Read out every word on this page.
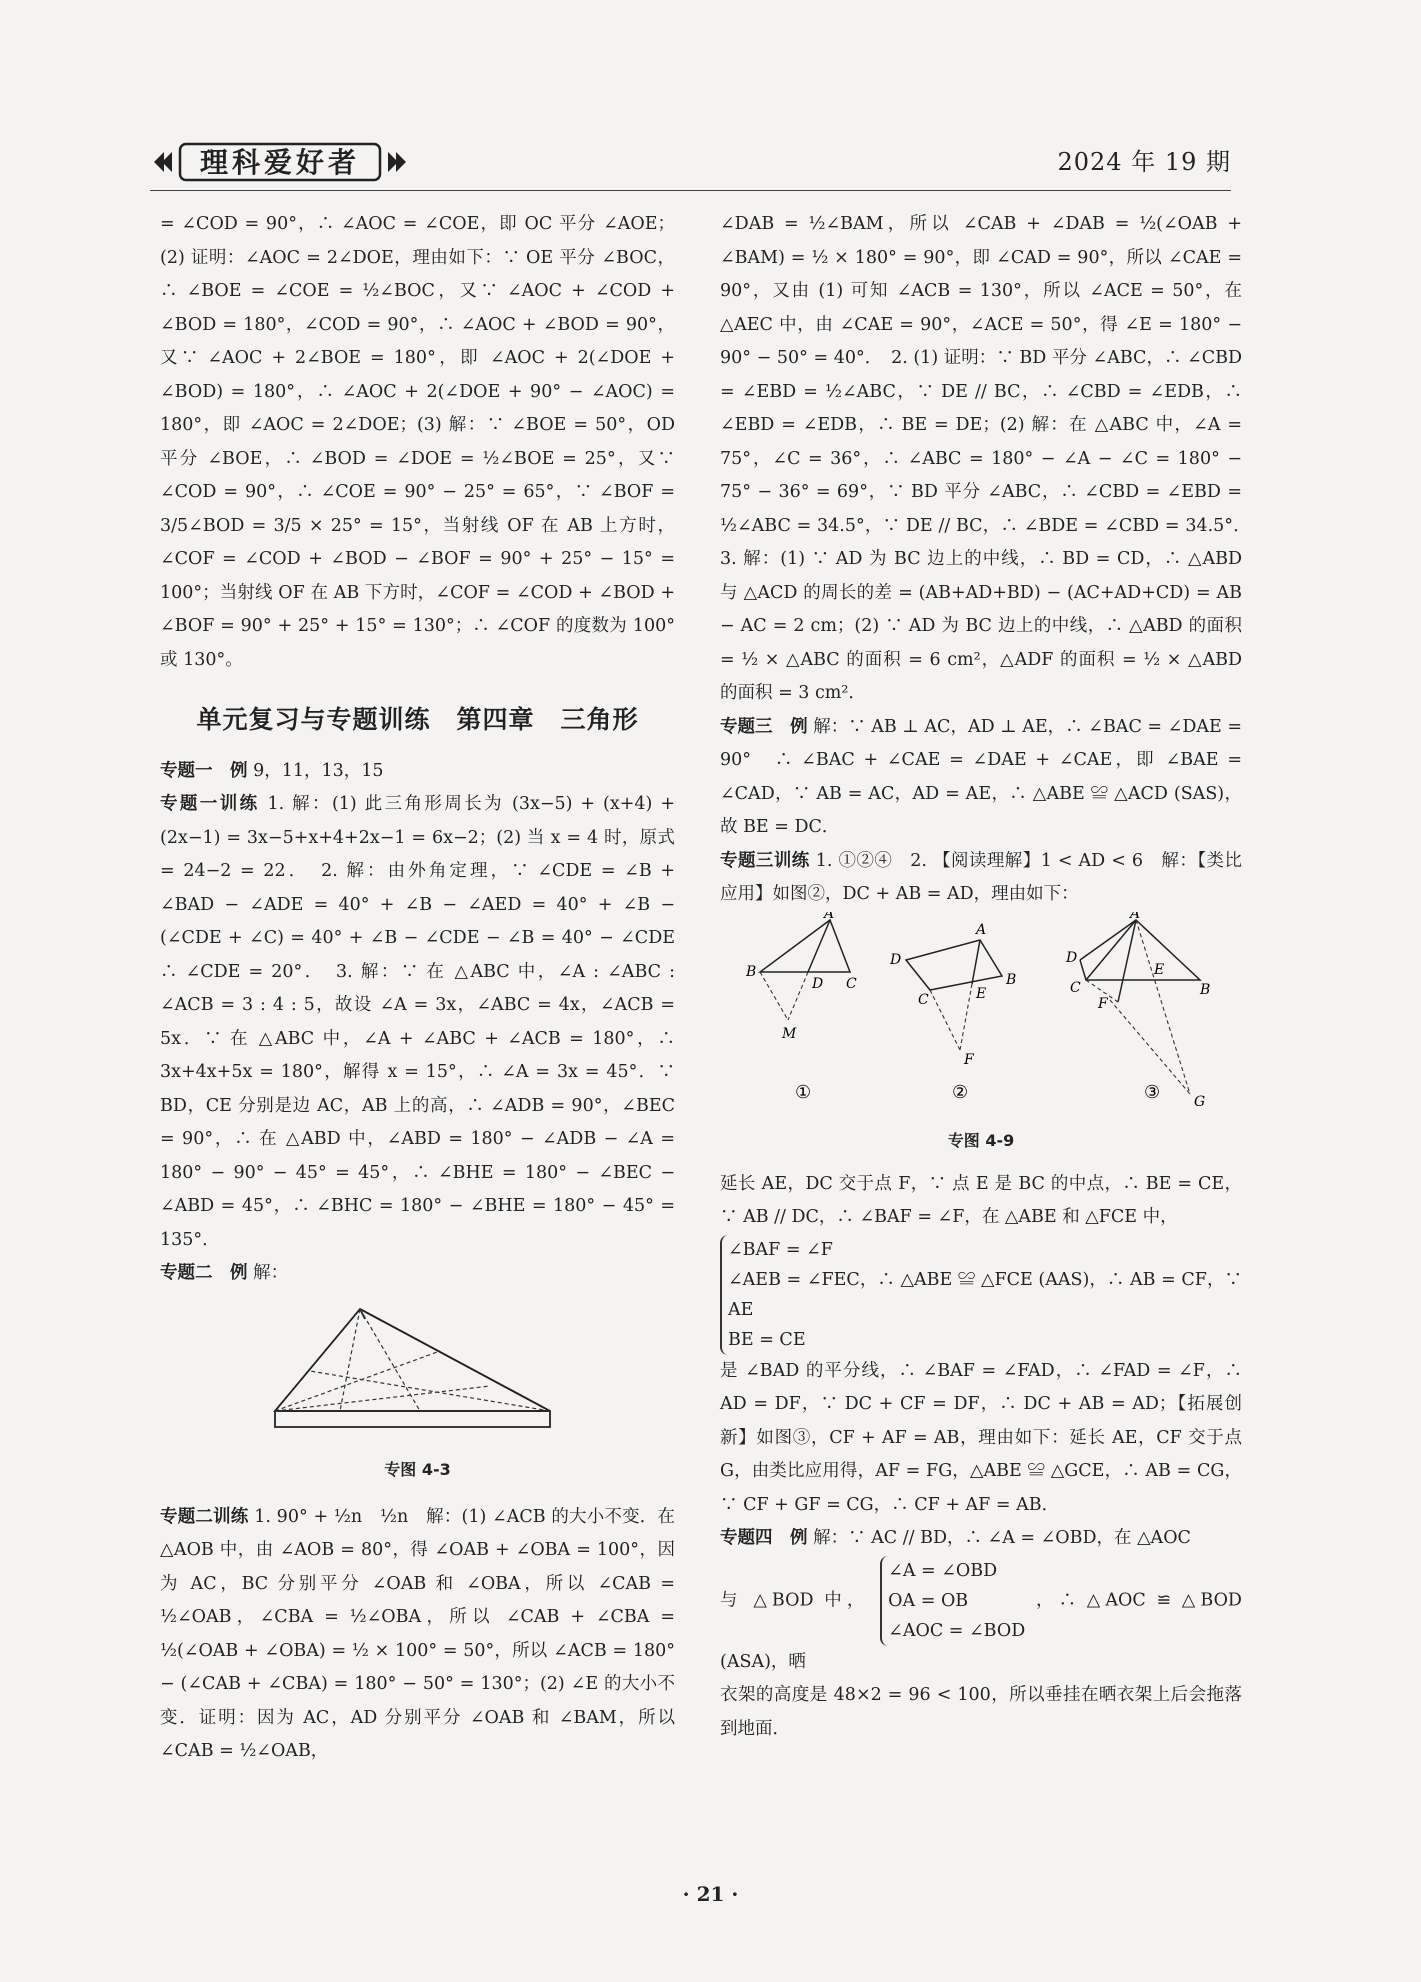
理科爱好者	2024 年 19 期

= ∠COD = 90°，∴ ∠AOC = ∠COE，即 OC 平分 ∠AOE；(2) 证明：∠AOC = 2∠DOE，理由如下：∵ OE 平分 ∠BOC，∴ ∠BOE = ∠COE = ½∠BOC，又∵ ∠AOC + ∠COD + ∠BOD = 180°，∠COD = 90°，∴ ∠AOC + ∠BOD = 90°，又∵ ∠AOC + 2∠BOE = 180°，即 ∠AOC + 2(∠DOE + ∠BOD) = 180°，∴ ∠AOC + 2(∠DOE + 90° − ∠AOC) = 180°，即 ∠AOC = 2∠DOE；(3) 解：∵ ∠BOE = 50°，OD 平分 ∠BOE，∴ ∠BOD = ∠DOE = ½∠BOE = 25°，又∵ ∠COD = 90°，∴ ∠COE = 90° − 25° = 65°，∵ ∠BOF = 3/5∠BOD = 3/5 × 25° = 15°，当射线 OF 在 AB 上方时，∠COF = ∠COD + ∠BOD − ∠BOF = 90° + 25° − 15° = 100°；当射线 OF 在 AB 下方时，∠COF = ∠COD + ∠BOD + ∠BOF = 90° + 25° + 15° = 130°；∴ ∠COF 的度数为 100° 或 130°。

单元复习与专题训练　第四章　三角形

专题一　例 9，11，13，15

专题一训练 1. 解：(1) 此三角形周长为 (3x−5) + (x+4) + (2x−1) = 3x−5+x+4+2x−1 = 6x−2；(2) 当 x = 4 时，原式 = 24−2 = 22．　2. 解：由外角定理，∵ ∠CDE = ∠B + ∠BAD − ∠ADE = 40° + ∠B − ∠AED = 40° + ∠B − (∠CDE + ∠C) = 40° + ∠B − ∠CDE − ∠B = 40° − ∠CDE　∴ ∠CDE = 20°．　3. 解：∵ 在 △ABC 中，∠A : ∠ABC : ∠ACB = 3 : 4 : 5，故设 ∠A = 3x，∠ABC = 4x，∠ACB = 5x．∵ 在 △ABC 中，∠A + ∠ABC + ∠ACB = 180°，∴ 3x+4x+5x = 180°，解得 x = 15°，∴ ∠A = 3x = 45°．∵ BD，CE 分别是边 AC，AB 上的高，∴ ∠ADB = 90°，∠BEC = 90°，∴ 在 △ABD 中，∠ABD = 180° − ∠ADB − ∠A = 180° − 90° − 45° = 45°，∴ ∠BHE = 180° − ∠BEC − ∠ABD = 45°，∴ ∠BHC = 180° − ∠BHE = 180° − 45° = 135°．

专题二　例 解：

专图 4-3

专题二训练 1. 90° + ½n　½n　解：(1) ∠ACB 的大小不变．在 △AOB 中，由 ∠AOB = 80°，得 ∠OAB + ∠OBA = 100°，因为 AC，BC 分别平分 ∠OAB 和 ∠OBA，所以 ∠CAB = ½∠OAB，∠CBA = ½∠OBA，所以 ∠CAB + ∠CBA = ½(∠OAB + ∠OBA) = ½ × 100° = 50°，所以 ∠ACB = 180° − (∠CAB + ∠CBA) = 180° − 50° = 130°；(2) ∠E 的大小不变．证明：因为 AC，AD 分别平分 ∠OAB 和 ∠BAM，所以 ∠CAB = ½∠OAB，

∠DAB = ½∠BAM，所以 ∠CAB + ∠DAB = ½(∠OAB + ∠BAM) = ½ × 180° = 90°，即 ∠CAD = 90°，所以 ∠CAE = 90°，又由 (1) 可知 ∠ACB = 130°，所以 ∠ACE = 50°，在 △AEC 中，由 ∠CAE = 90°，∠ACE = 50°，得 ∠E = 180° − 90° − 50° = 40°．　2. (1) 证明：∵ BD 平分 ∠ABC，∴ ∠CBD = ∠EBD = ½∠ABC，∵ DE // BC，∴ ∠CBD = ∠EDB，∴ ∠EBD = ∠EDB，∴ BE = DE；(2) 解：在 △ABC 中，∠A = 75°，∠C = 36°，∴ ∠ABC = 180° − ∠A − ∠C = 180° − 75° − 36° = 69°，∵ BD 平分 ∠ABC，∴ ∠CBD = ∠EBD = ½∠ABC = 34.5°，∵ DE // BC，∴ ∠BDE = ∠CBD = 34.5°．　3. 解：(1) ∵ AD 为 BC 边上的中线，∴ BD = CD，∴ △ABD 与 △ACD 的周长的差 = (AB+AD+BD) − (AC+AD+CD) = AB − AC = 2 cm；(2) ∵ AD 为 BC 边上的中线，∴ △ABD 的面积 = ½ × △ABC 的面积 = 6 cm²，△ADF 的面积 = ½ × △ABD 的面积 = 3 cm²．

专题三　例 解：∵ AB ⊥ AC，AD ⊥ AE，∴ ∠BAC = ∠DAE = 90°　∴ ∠BAC + ∠CAE = ∠DAE + ∠CAE，即 ∠BAE = ∠CAD，∵ AB = AC，AD = AE，∴ △ABE ≌ △ACD (SAS)，故 BE = DC．

专题三训练 1. ①②④　2. 【阅读理解】1 < AD < 6　解：【类比应用】如图②，DC + AB = AD，理由如下：

A
B
D C
M
①
A
D
C	E
B
F
②
A
D
C
E
B
F
G
③

专图 4-9

延长 AE，DC 交于点 F，∵ 点 E 是 BC 的中点，∴ BE = CE，∵ AB // DC，∴ ∠BAF = ∠F，在 △ABE 和 △FCE 中，

∠BAF = ∠F
∠AEB = ∠FEC，∴ △ABE ≌ △FCE (AAS)，∴ AB = CF，∵ AE
BE = CE

是 ∠BAD 的平分线，∴ ∠BAF = ∠FAD，∴ ∠FAD = ∠F，∴ AD = DF，∵ DC + CF = DF，∴ DC + AB = AD；【拓展创新】如图③，CF + AF = AB，理由如下：延长 AE，CF 交于点 G，由类比应用得，AF = FG，△ABE ≌ △GCE，∴ AB = CG，∵ CF + GF = CG，∴ CF + AF = AB．

专题四　例 解：∵ AC // BD，∴ ∠A = ∠OBD，在 △AOC

与 △BOD 中，
∠A = ∠OBD
OA = OB
∠AOC = ∠BOD
，∴ △AOC ≌ △BOD (ASA)，晒

衣架的高度是 48×2 = 96 < 100，所以垂挂在晒衣架上后会拖落到地面．

· 21 ·
